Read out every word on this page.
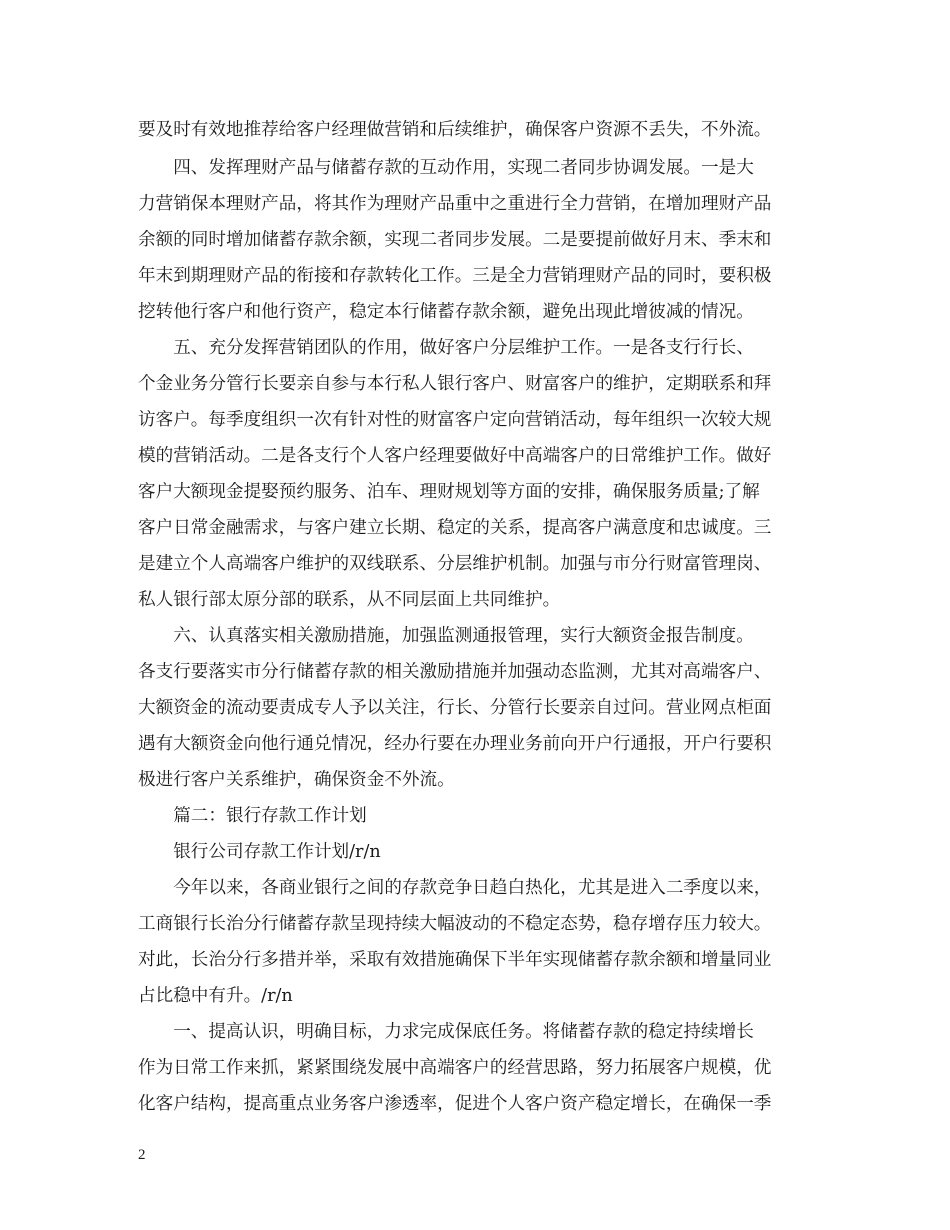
要及时有效地推荐给客户经理做营销和后续维护，确保客户资源不丢失，不外流。
　　四、发挥理财产品与储蓄存款的互动作用，实现二者同步协调发展。一是大
力营销保本理财产品，将其作为理财产品重中之重进行全力营销，在增加理财产品
余额的同时增加储蓄存款余额，实现二者同步发展。二是要提前做好月末、季末和
年末到期理财产品的衔接和存款转化工作。三是全力营销理财产品的同时，要积极
挖转他行客户和他行资产，稳定本行储蓄存款余额，避免出现此增彼减的情况。
　　五、充分发挥营销团队的作用，做好客户分层维护工作。一是各支行行长、
个金业务分管行长要亲自参与本行私人银行客户、财富客户的维护，定期联系和拜
访客户。每季度组织一次有针对性的财富客户定向营销活动，每年组织一次较大规
模的营销活动。二是各支行个人客户经理要做好中高端客户的日常维护工作。做好
客户大额现金提娶预约服务、泊车、理财规划等方面的安排，确保服务质量;了解
客户日常金融需求，与客户建立长期、稳定的关系，提高客户满意度和忠诚度。三
是建立个人高端客户维护的双线联系、分层维护机制。加强与市分行财富管理岗、
私人银行部太原分部的联系，从不同层面上共同维护。
　　六、认真落实相关激励措施，加强监测通报管理，实行大额资金报告制度。
各支行要落实市分行储蓄存款的相关激励措施并加强动态监测，尤其对高端客户、
大额资金的流动要责成专人予以关注，行长、分管行长要亲自过问。营业网点柜面
遇有大额资金向他行通兑情况，经办行要在办理业务前向开户行通报，开户行要积
极进行客户关系维护，确保资金不外流。
　　篇二：银行存款工作计划
　　银行公司存款工作计划/r/n
　　今年以来，各商业银行之间的存款竞争日趋白热化，尤其是进入二季度以来，
工商银行长治分行储蓄存款呈现持续大幅波动的不稳定态势，稳存增存压力较大。
对此，长治分行多措并举，采取有效措施确保下半年实现储蓄存款余额和增量同业
占比稳中有升。/r/n
　　一、提高认识，明确目标，力求完成保底任务。将储蓄存款的稳定持续增长
作为日常工作来抓，紧紧围绕发展中高端客户的经营思路，努力拓展客户规模，优
化客户结构，提高重点业务客户渗透率，促进个人客户资产稳定增长，在确保一季
2
